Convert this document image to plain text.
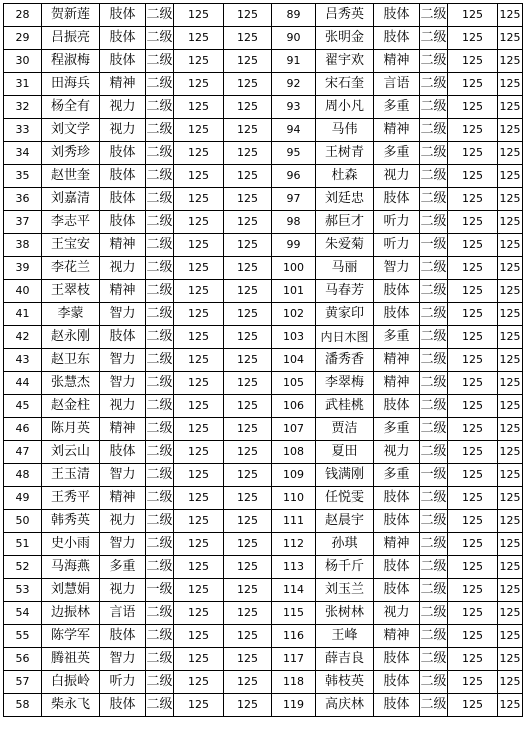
28	贺新莲	肢体	二级	125	125	89	吕秀英	肢体	二级	125	125
29	吕振亮	肢体	二级	125	125	90	张明金	肢体	二级	125	125
30	程淑梅	肢体	二级	125	125	91	翟宇欢	精神	二级	125	125
31	田海兵	精神	二级	125	125	92	宋石奎	言语	二级	125	125
32	杨全有	视力	二级	125	125	93	周小凡	多重	二级	125	125
33	刘文学	视力	二级	125	125	94	马伟	精神	二级	125	125
34	刘秀珍	肢体	二级	125	125	95	王树青	多重	二级	125	125
35	赵世奎	肢体	二级	125	125	96	杜森	视力	二级	125	125
36	刘嘉清	肢体	二级	125	125	97	刘廷忠	肢体	二级	125	125
37	李志平	肢体	二级	125	125	98	郝巨才	听力	二级	125	125
38	王宝安	精神	二级	125	125	99	朱爱菊	听力	一级	125	125
39	李花兰	视力	二级	125	125	100	马丽	智力	二级	125	125
40	王翠枝	精神	二级	125	125	101	马春芳	肢体	二级	125	125
41	李蒙	智力	二级	125	125	102	黄家印	肢体	二级	125	125
42	赵永刚	肢体	二级	125	125	103	内日木图	多重	二级	125	125
43	赵卫东	智力	二级	125	125	104	潘秀香	精神	二级	125	125
44	张慧杰	智力	二级	125	125	105	李翠梅	精神	二级	125	125
45	赵金柱	视力	二级	125	125	106	武桂桃	肢体	二级	125	125
46	陈月英	精神	二级	125	125	107	贾洁	多重	二级	125	125
47	刘云山	肢体	二级	125	125	108	夏田	视力	二级	125	125
48	王玉清	智力	二级	125	125	109	钱满刚	多重	一级	125	125
49	王秀平	精神	二级	125	125	110	任悦雯	肢体	二级	125	125
50	韩秀英	视力	二级	125	125	111	赵晨宇	肢体	二级	125	125
51	史小雨	智力	二级	125	125	112	孙琪	精神	二级	125	125
52	马海燕	多重	二级	125	125	113	杨千斤	肢体	二级	125	125
53	刘慧娟	视力	一级	125	125	114	刘玉兰	肢体	二级	125	125
54	边振林	言语	二级	125	125	115	张树林	视力	二级	125	125
55	陈学军	肢体	二级	125	125	116	王峰	精神	二级	125	125
56	腾祖英	智力	二级	125	125	117	薛吉良	肢体	二级	125	125
57	白振岭	听力	二级	125	125	118	韩枝英	肢体	二级	125	125
58	柴永飞	肢体	二级	125	125	119	高庆林	肢体	二级	125	125
